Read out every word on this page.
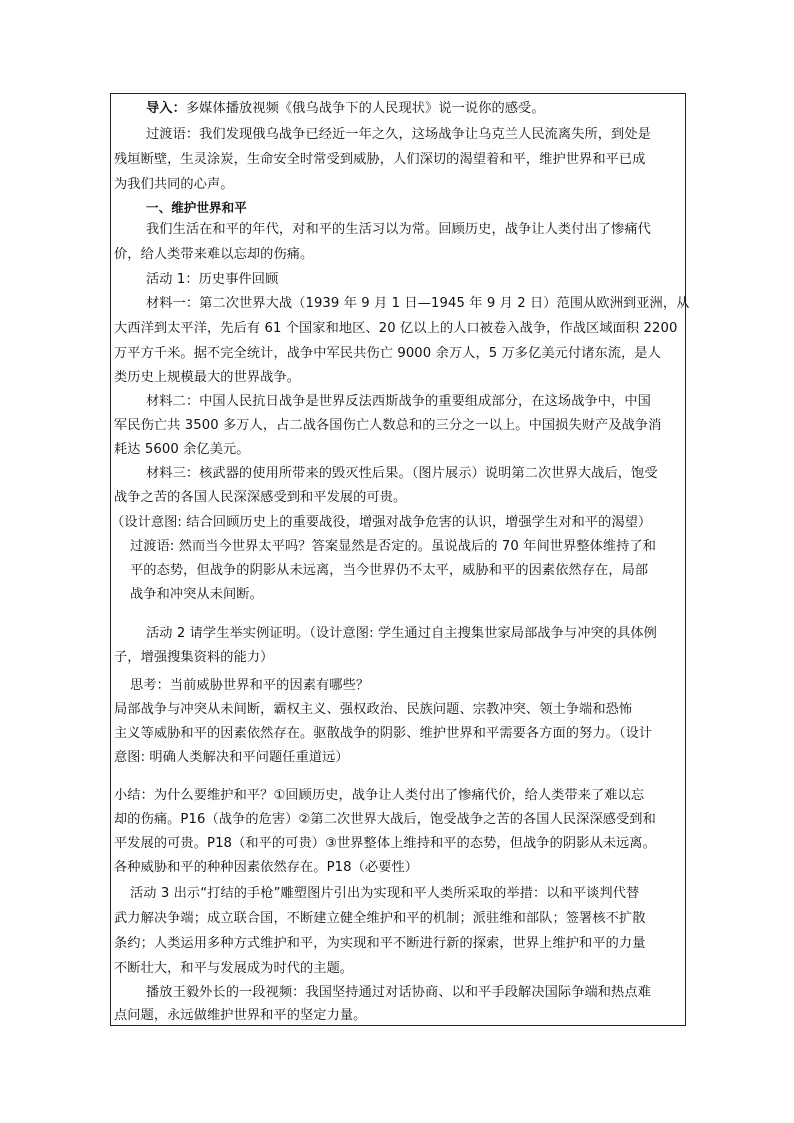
导入：多媒体播放视频《俄乌战争下的人民现状》说一说你的感受。
过渡语：我们发现俄乌战争已经近一年之久，这场战争让乌克兰人民流离失所，到处是
残垣断壁，生灵涂炭，生命安全时常受到威胁，人们深切的渴望着和平，维护世界和平已成
为我们共同的心声。
一、维护世界和平
我们生活在和平的年代，对和平的生活习以为常。回顾历史，战争让人类付出了惨痛代
价，给人类带来难以忘却的伤痛。
活动 1：历史事件回顾
材料一：第二次世界大战（1939 年 9 月 1 日—1945 年 9 月 2 日）范围从欧洲到亚洲，从
大西洋到太平洋，先后有 61 个国家和地区、20 亿以上的人口被卷入战争，作战区域面积 2200
万平方千米。据不完全统计，战争中军民共伤亡 9000 余万人，5 万多亿美元付诸东流，是人
类历史上规模最大的世界战争。
材料二：中国人民抗日战争是世界反法西斯战争的重要组成部分，在这场战争中，中国
军民伤亡共 3500 多万人，占二战各国伤亡人数总和的三分之一以上。中国损失财产及战争消
耗达 5600 余亿美元。
材料三：核武器的使用所带来的毁灭性后果。（图片展示）说明第二次世界大战后，饱受
战争之苦的各国人民深深感受到和平发展的可贵。
（设计意图: 结合回顾历史上的重要战役，增强对战争危害的认识，增强学生对和平的渴望）
过渡语: 然而当今世界太平吗？答案显然是否定的。虽说战后的 70 年间世界整体维持了和
平的态势，但战争的阴影从未远离，当今世界仍不太平，威胁和平的因素依然存在，局部
战争和冲突从未间断。
活动 2 请学生举实例证明。（设计意图: 学生通过自主搜集世家局部战争与冲突的具体例
子，增强搜集资料的能力）
思考：当前威胁世界和平的因素有哪些？
局部战争与冲突从未间断，霸权主义、强权政治、民族问题、宗教冲突、领土争端和恐怖
主义等威胁和平的因素依然存在。驱散战争的阴影、维护世界和平需要各方面的努力。（设计
意图: 明确人类解决和平问题任重道远）
小结：为什么要维护和平？①回顾历史，战争让人类付出了惨痛代价，给人类带来了难以忘
却的伤痛。P16（战争的危害）②第二次世界大战后，饱受战争之苦的各国人民深深感受到和
平发展的可贵。P18（和平的可贵）③世界整体上维持和平的态势，但战争的阴影从未远离。
各种威胁和平的种种因素依然存在。P18（必要性）
活动 3 出示“打结的手枪”雕塑图片引出为实现和平人类所采取的举措：以和平谈判代替
武力解决争端；成立联合国，不断建立健全维护和平的机制；派驻维和部队；签署核不扩散
条约；人类运用多种方式维护和平，为实现和平不断进行新的探索，世界上维护和平的力量
不断壮大，和平与发展成为时代的主题。
播放王毅外长的一段视频：我国坚持通过对话协商、以和平手段解决国际争端和热点难
点问题，永远做维护世界和平的坚定力量。
